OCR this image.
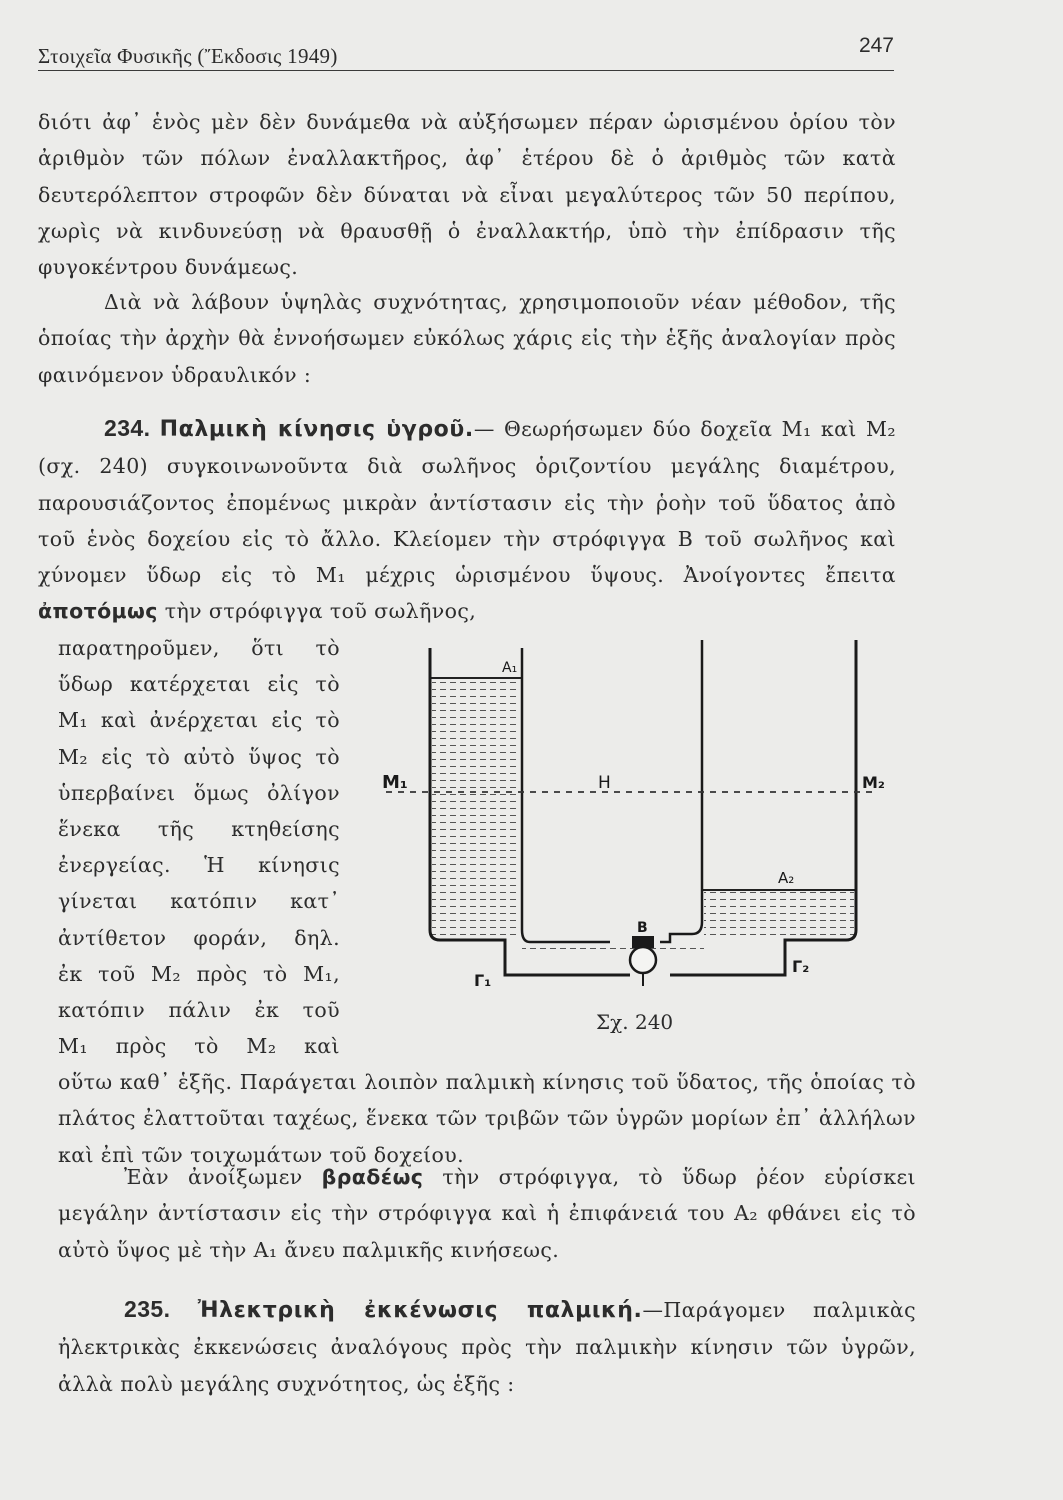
Στοιχεῖα Φυσικῆς (Ἔκδοσις 1949)	247

διότι ἀφ᾽ ἑνὸς μὲν δὲν δυνάμεθα νὰ αὐξήσωμεν πέραν ὡρισμένου ὁρίου τὸν ἀριθμὸν τῶν πόλων ἐναλλακτῆρος, ἀφ᾽ ἑτέρου δὲ ὁ ἀριθμὸς τῶν κατὰ δευτερόλεπτον στροφῶν δὲν δύναται νὰ εἶναι μεγαλύτερος τῶν 50 περίπου, χωρὶς νὰ κινδυνεύσῃ νὰ θραυσθῇ ὁ ἐναλλακτήρ, ὑπὸ τὴν ἐπίδρασιν τῆς φυγοκέντρου δυνάμεως.

Διὰ νὰ λάβουν ὑψηλὰς συχνότητας, χρησιμοποιοῦν νέαν μέθοδον, τῆς ὁποίας τὴν ἀρχὴν θὰ ἐννοήσωμεν εὐκόλως χάρις εἰς τὴν ἑξῆς ἀναλογίαν πρὸς φαινόμενον ὑδραυλικόν :

234. Παλμικὴ κίνησις ὑγροῦ.— Θεωρήσωμεν δύο δοχεῖα Μ₁ καὶ Μ₂ (σχ. 240) συγκοινωνοῦντα διὰ σωλῆνος ὁριζοντίου μεγάλης διαμέτρου, παρουσιάζοντος ἐπομένως μικρὰν ἀντίστασιν εἰς τὴν ῥοὴν τοῦ ὕδατος ἀπὸ τοῦ ἑνὸς δοχείου εἰς τὸ ἄλλο. Κλείομεν τὴν στρόφιγγα Β τοῦ σωλῆνος καὶ χύνομεν ὕδωρ εἰς τὸ Μ₁ μέχρις ὡρισμένου ὕψους. Ἀνοίγοντες ἔπειτα ἀποτόμως τὴν στρόφιγγα τοῦ σωλῆνος,

παρατηροῦμεν, ὅτι τὸ
ὕδωρ κατέρχεται εἰς τὸ
Μ₁ καὶ ἀνέρχεται εἰς τὸ
Μ₂ εἰς τὸ αὐτὸ ὕψος τὸ
ὑπερβαίνει ὅμως ὀλίγον
ἕνεκα τῆς κτηθείσης
ἐνεργείας. Ἡ κίνησις
γίνεται κατόπιν κατ᾽
ἀντίθετον φοράν, δηλ.
ἐκ τοῦ Μ₂ πρὸς τὸ Μ₁,
κατόπιν πάλιν ἐκ τοῦ
Μ₁ πρὸς τὸ Μ₂ καὶ
Α₁
Μ₁	Μ₂
Η
Α₂
Β
Γ₁
Γ₂
Σχ. 240

οὕτω καθ᾽ ἑξῆς. Παράγεται λοιπὸν παλμικὴ κίνησις τοῦ ὕδατος, τῆς ὁποίας τὸ πλάτος ἐλαττοῦται ταχέως, ἕνεκα τῶν τριβῶν τῶν ὑγρῶν μορίων ἐπ᾽ ἀλλήλων καὶ ἐπὶ τῶν τοιχωμάτων τοῦ δοχείου.

Ἐὰν ἀνοίξωμεν βραδέως τὴν στρόφιγγα, τὸ ὕδωρ ῥέον εὑρίσκει μεγάλην ἀντίστασιν εἰς τὴν στρόφιγγα καὶ ἡ ἐπιφάνειά του Α₂ φθάνει εἰς τὸ αὐτὸ ὕψος μὲ τὴν Α₁ ἄνευ παλμικῆς κινήσεως.

235. Ἠλεκτρικὴ ἐκκένωσις παλμική.—Παράγομεν παλμικὰς ἠλεκτρικὰς ἐκκενώσεις ἀναλόγους πρὸς τὴν παλμικὴν κίνησιν τῶν ὑγρῶν, ἀλλὰ πολὺ μεγάλης συχνότητος, ὡς ἑξῆς :
